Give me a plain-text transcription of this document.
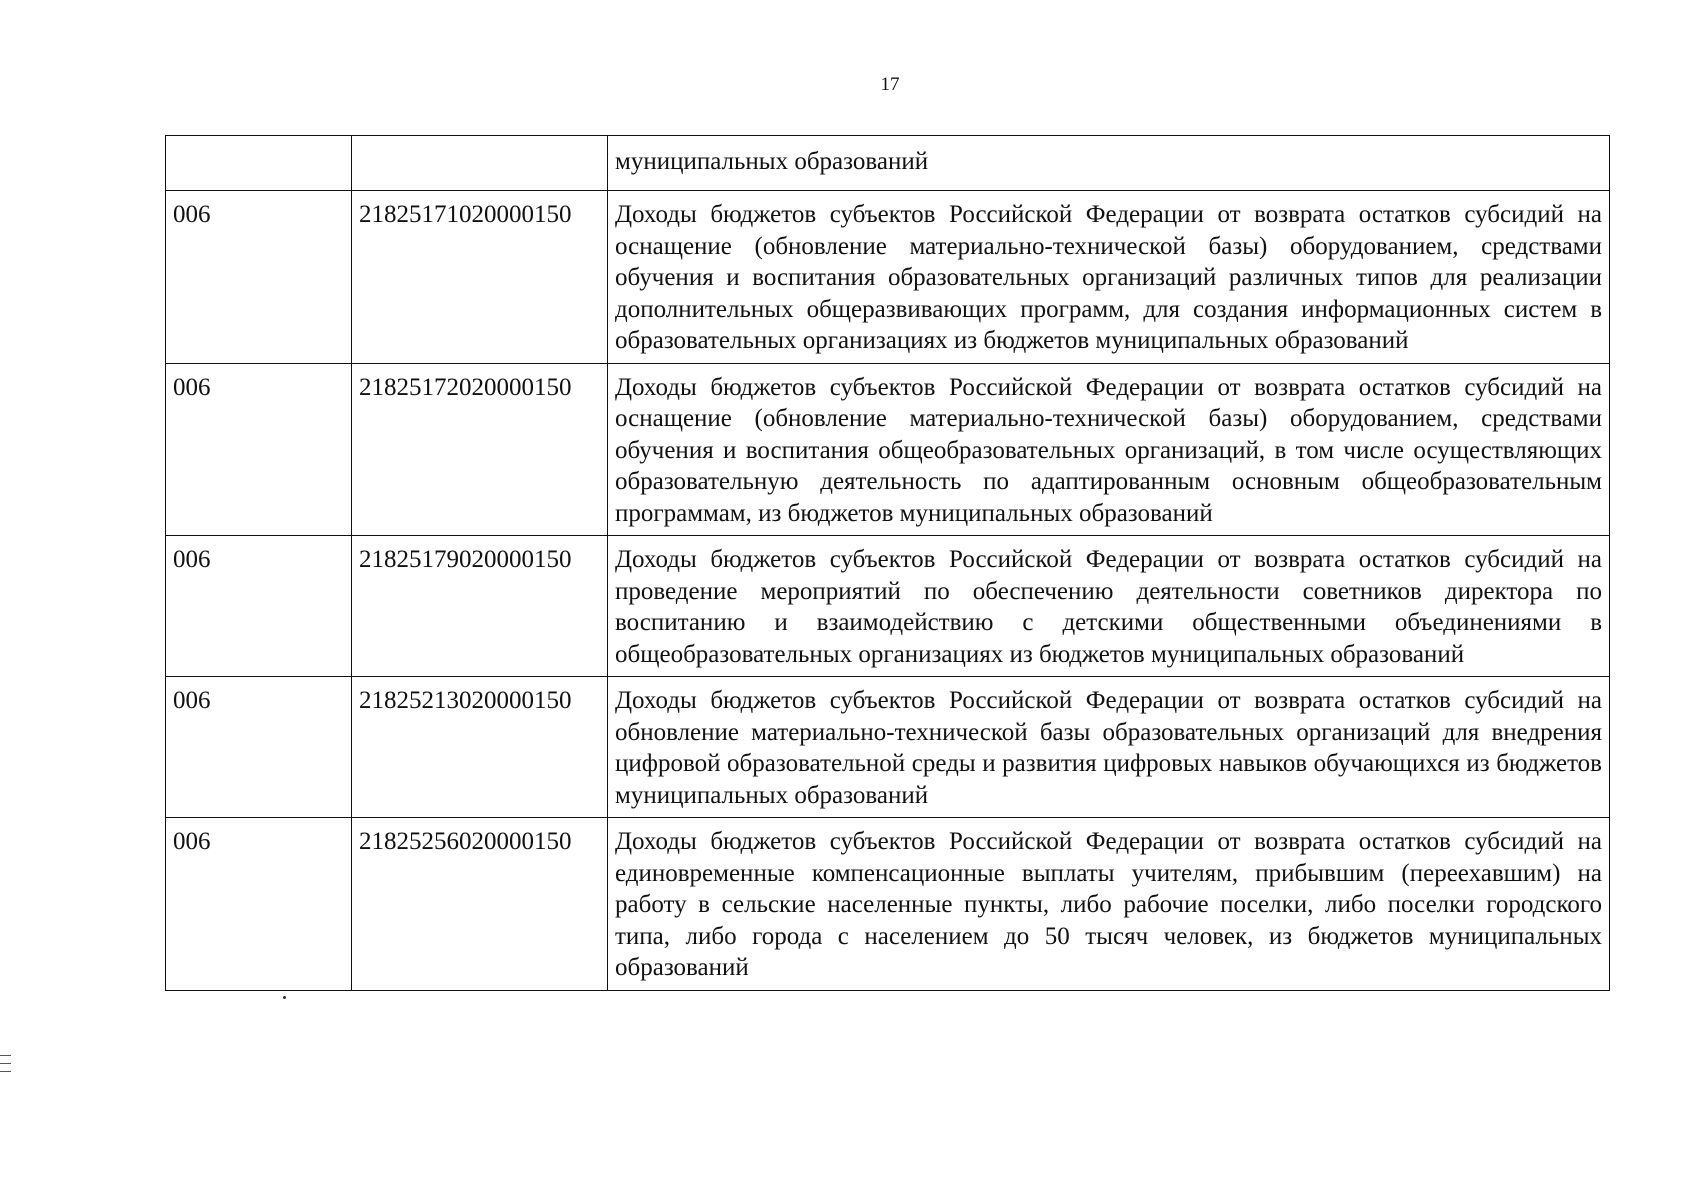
17
		муниципальных образований
006	21825171020000150	Доходы бюджетов субъектов Российской Федерации от возврата остатков субсидий на оснащение (обновление материально-технической базы) оборудованием, средствами обучения и воспитания образовательных организаций различных типов для реализации дополнительных общеразвивающих программ, для создания информационных систем в образовательных организациях из бюджетов муниципальных образований
006	21825172020000150	Доходы бюджетов субъектов Российской Федерации от возврата остатков субсидий на оснащение (обновление материально-технической базы) оборудованием, средствами обучения и воспитания общеобразовательных организаций, в том числе осуществляющих образовательную деятельность по адаптированным основным общеобразовательным программам, из бюджетов муниципальных образований
006	21825179020000150	Доходы бюджетов субъектов Российской Федерации от возврата остатков субсидий на проведение мероприятий по обеспечению деятельности советников директора по воспитанию и взаимодействию с детскими общественными объединениями в общеобразовательных организациях из бюджетов муниципальных образований
006	21825213020000150	Доходы бюджетов субъектов Российской Федерации от возврата остатков субсидий на обновление материально-технической базы образовательных организаций для внедрения цифровой образовательной среды и развития цифровых навыков обучающихся из бюджетов муниципальных образований
006	21825256020000150	Доходы бюджетов субъектов Российской Федерации от возврата остатков субсидий на единовременные компенсационные выплаты учителям, прибывшим (переехавшим) на работу в сельские населенные пункты, либо рабочие поселки, либо поселки городского типа, либо города с населением до 50 тысяч человек, из бюджетов муниципальных образований
